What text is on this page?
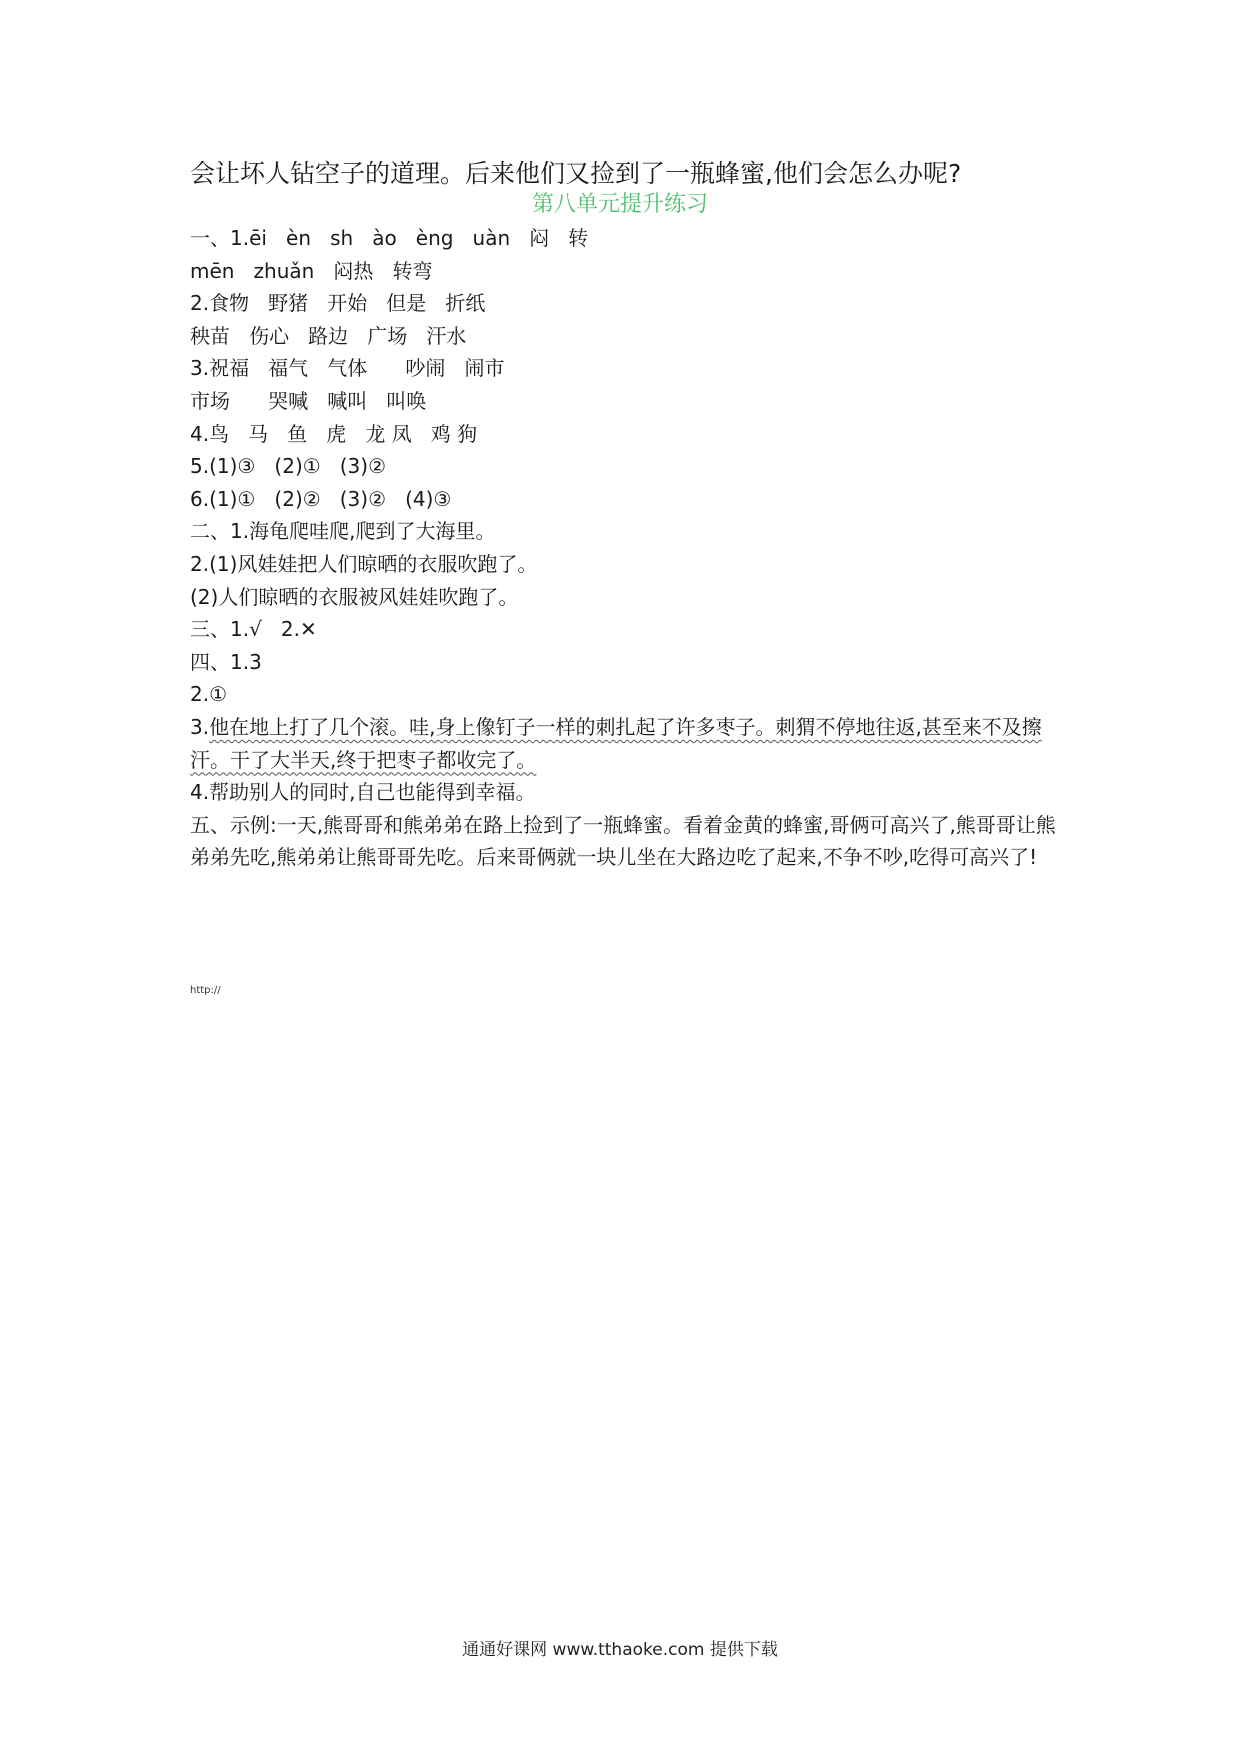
会让坏人钻空子的道理。后来他们又捡到了一瓶蜂蜜,他们会怎么办呢?
第八单元提升练习
一、1.ēi   èn   sh   ào   èng   uàn   闷   转
mēn   zhuǎn   闷热   转弯
2.食物   野猪   开始   但是   折纸
秧苗   伤心   路边   广场   汗水
3.祝福   福气   气体      吵闹   闹市
市场      哭喊   喊叫   叫唤
4.鸟   马   鱼   虎   龙 凤   鸡 狗
5.(1)③   (2)①   (3)②
6.(1)①   (2)②   (3)②   (4)③
二、1.海龟爬哇爬,爬到了大海里。
2.(1)风娃娃把人们晾晒的衣服吹跑了。
(2)人们晾晒的衣服被风娃娃吹跑了。
三、1.√   2.✕
四、1.3
2.①
3.他在地上打了几个滚。哇,身上像钉子一样的刺扎起了许多枣子。刺猬不停地往返,甚至来不及擦汗。干了大半天,终于把枣子都收完了。
4.帮助别人的同时,自己也能得到幸福。
五、示例:一天,熊哥哥和熊弟弟在路上捡到了一瓶蜂蜜。看着金黄的蜂蜜,哥俩可高兴了,熊哥哥让熊弟弟先吃,熊弟弟让熊哥哥先吃。后来哥俩就一块儿坐在大路边吃了起来,不争不吵,吃得可高兴了!
http://
通通好课网 www.tthaoke.com 提供下载
